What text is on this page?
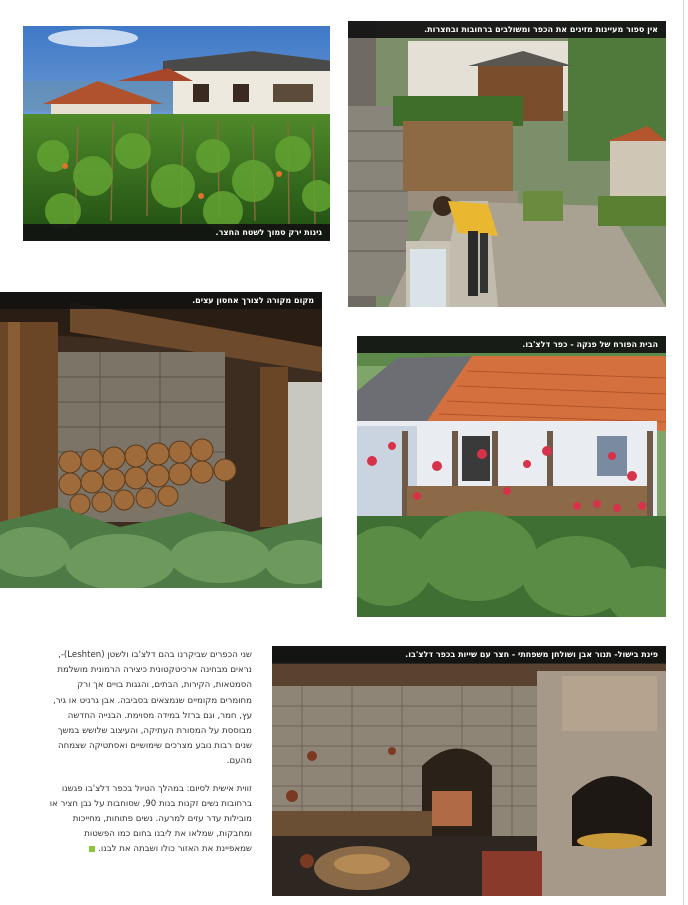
גינות ירק סמוך לשטח החצר.
אין ספור מעיינות מזינים את הכפר ומשולבים ברחובות ובחצרות.
מקום מקורה לצורך אחסון עצים.
הבית הפורח של פנקה - כפר דלצ'בו.

שני הכפרים שביקרנו בהם דלצ'בו ולשטן (Leshten)-, נראים מבחינה ארכיטקטונית כיצירה הרמונית מושלמת הסמטאות, הקירות, הבתים, והגגות בויים אך ורק מחומרים מקומיים שנמצאים בסביבה. אבן גרניט או גיר, עץ, חמר, וגם ברזל במידה מסוימת. הבנייה החדשה מבוססת על המסורת העתיקה, והעיצוב שלושש במשך שנים רבות נובע מצרכים שימושיים ואסתטיקה שצמחה מהעם.

זווית אישית לסיום: במהלך הטיול בכפר דלצ'בו פגשנו ברחובות נשים זקנות בנות 90, שסוחבות על גבן חציר או מובילות עדר עזים למרעה. נשים פתוחות, מחייכות ומחבקות, שמלאו את ליבנו בחום כמו הפשטות שמאפיינת את האזור כולו ושבתה את לבנו.

פינת בישול- תנור אבן ושולחן משפחתי - חצר עם שייות בכפר דלצ'בו.
